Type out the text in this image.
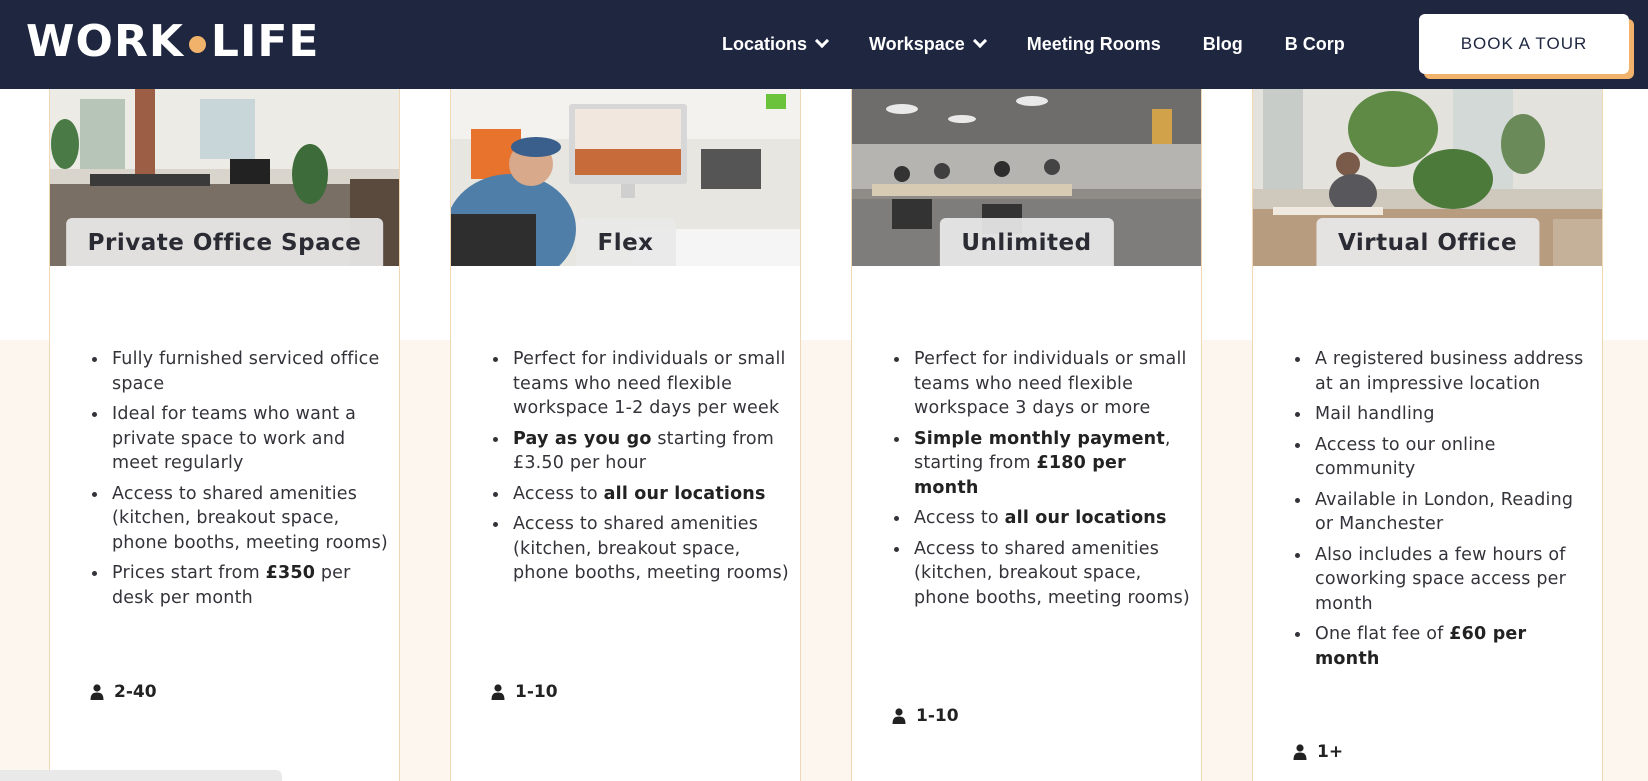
WORK LIFE	Locations	Workspace	Meeting Rooms Blog B Corp	BOOK A TOUR
Private Office Space
Fully furnished serviced office space
Ideal for teams who want a private space to work and meet regularly
Access to shared amenities (kitchen, breakout space, phone booths, meeting rooms)
Prices start from £350 per desk per month
2-40
Flex
Perfect for individuals or small teams who need flexible workspace 1-2 days per week
Pay as you go starting from £3.50 per hour
Access to all our locations
Access to shared amenities (kitchen, breakout space, phone booths, meeting rooms)
1-10
Unlimited
Perfect for individuals or small teams who need flexible workspace 3 days or more
Simple monthly payment, starting from £180 per month
Access to all our locations
Access to shared amenities (kitchen, breakout space, phone booths, meeting rooms)
1-10
Virtual Office
A registered business address at an impressive location
Mail handling
Access to our online community
Available in London, Reading or Manchester
Also includes a few hours of coworking space access per month
One flat fee of £60 per month
1+
